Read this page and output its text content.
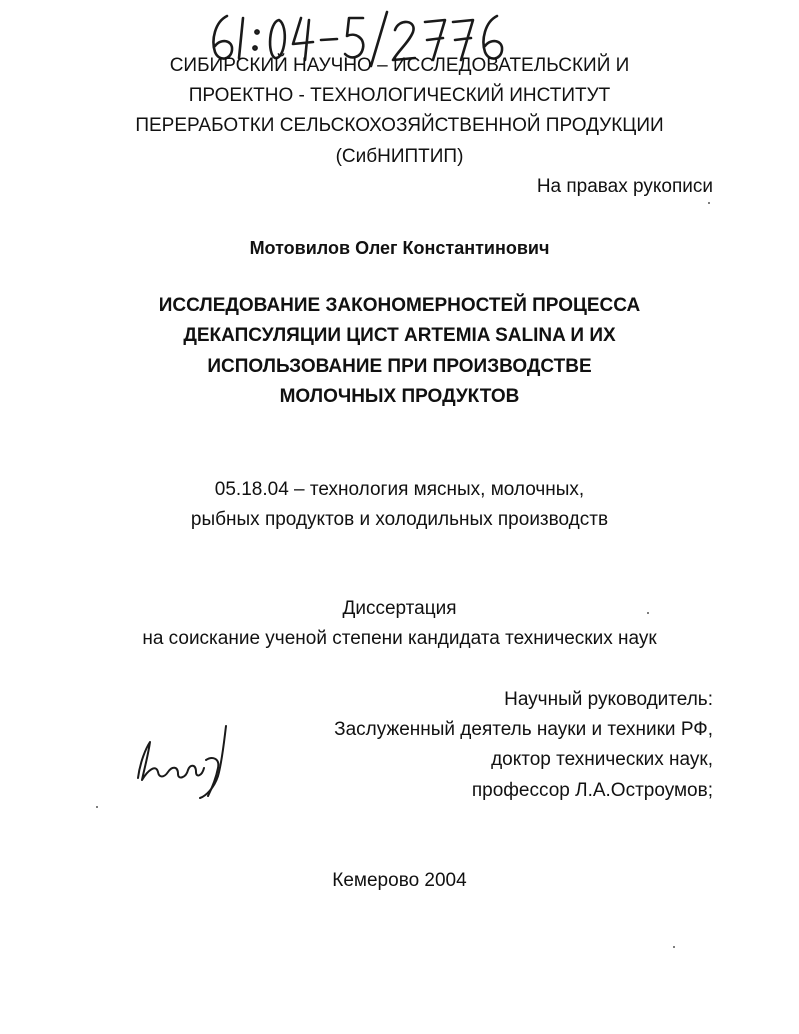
СИБИРСКИЙ НАУЧНО – ИССЛЕДОВАТЕЛЬСКИЙ И
ПРОЕКТНО - ТЕХНОЛОГИЧЕСКИЙ ИНСТИТУТ
ПЕРЕРАБОТКИ СЕЛЬСКОХОЗЯЙСТВЕННОЙ ПРОДУКЦИИ
(СибНИПТИП)
На правах рукописи
Мотовилов Олег Константинович
ИССЛЕДОВАНИЕ ЗАКОНОМЕРНОСТЕЙ ПРОЦЕССА
ДЕКАПСУЛЯЦИИ ЦИСТ ARTEMIA SALINA И ИХ
ИСПОЛЬЗОВАНИЕ ПРИ ПРОИЗВОДСТВЕ
МОЛОЧНЫХ ПРОДУКТОВ
05.18.04 – технология мясных, молочных,
рыбных продуктов и холодильных производств
Диссертация
на соискание ученой степени кандидата технических наук
Научный руководитель:
Заслуженный деятель науки и техники РФ,
доктор технических наук,
профессор Л.А.Остроумов;
Кемерово 2004
